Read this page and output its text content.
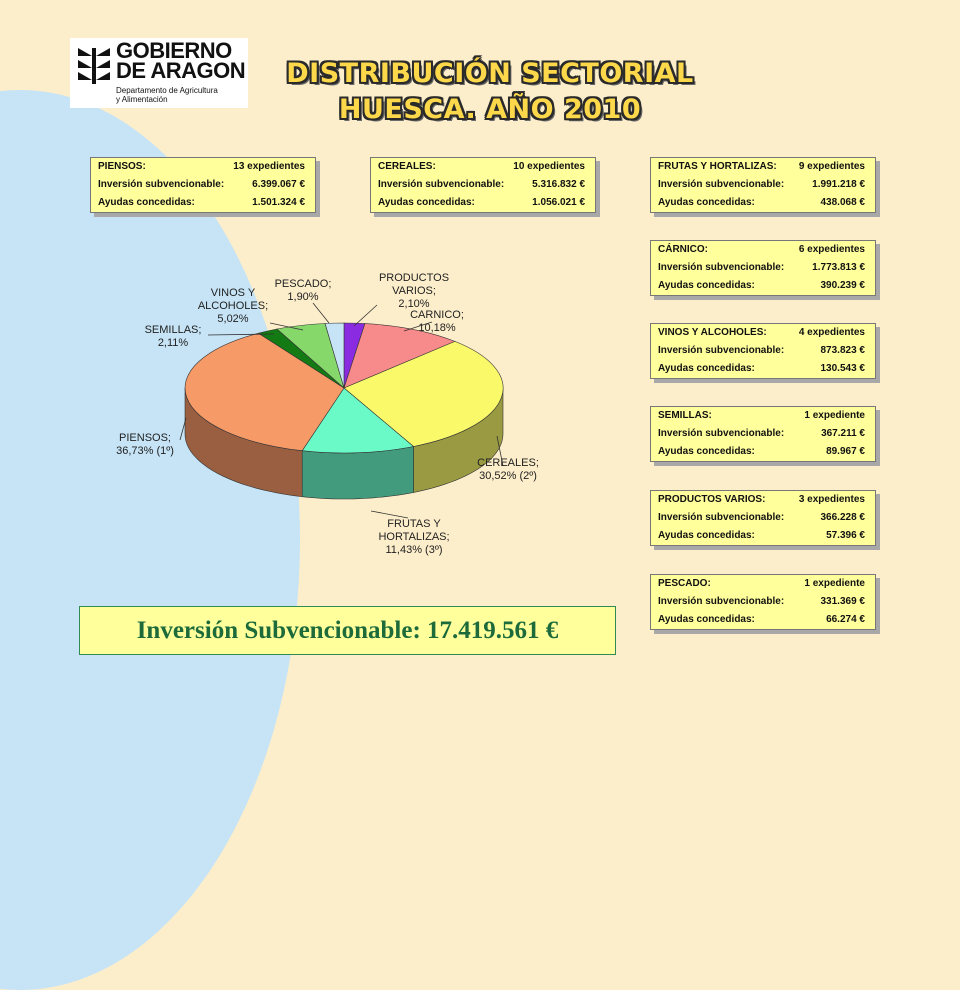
GOBIERNO
DE ARAGON
Departamento de Agricultura
y Alimentación
DISTRIBUCIÓN SECTORIAL
HUESCA. AÑO 2010
PIENSOS:	13 expedientes
Inversión subvencionable:	6.399.067 €
Ayudas concedidas:	1.501.324 €
CEREALES:	10 expedientes
Inversión subvencionable:	5.316.832 €
Ayudas concedidas:	1.056.021 €
FRUTAS Y HORTALIZAS: 9 expedientes
Inversión subvencionable:	1.991.218 €
Ayudas concedidas:	438.068 €
CÁRNICO:	6 expedientes
Inversión subvencionable:	1.773.813 €
Ayudas concedidas:	390.239 €
VINOS Y ALCOHOLES:	4 expedientes
Inversión subvencionable:	873.823 €
Ayudas concedidas:	130.543 €
SEMILLAS:	1 expediente
Inversión subvencionable:	367.211 €
Ayudas concedidas:	89.967 €
PRODUCTOS VARIOS:	3 expedientes
Inversión subvencionable:	366.228 €
Ayudas concedidas:	57.396 €
PESCADO:	1 expediente
Inversión subvencionable:	331.369 €
Ayudas concedidas:	66.274 €
PRODUCTOS VARIOS; 2,10%
CARNICO; 10,18%
CEREALES; 30,52% (2º)
FRUTAS Y HORTALIZAS; 11,43% (3º)
PIENSOS; 36,73% (1º)
SEMILLAS; 2,11%
VINOS Y ALCOHOLES; 5,02%
PESCADO; 1,90%
Inversión Subvencionable: 17.419.561 €
